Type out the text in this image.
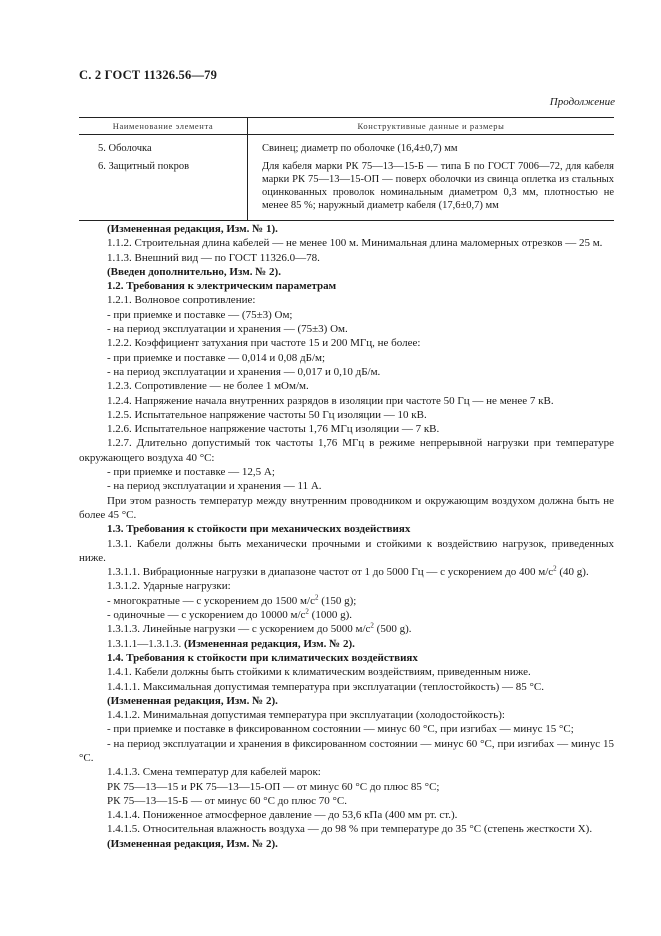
С. 2 ГОСТ 11326.56—79
Продолжение
Наименование элемента	Конструктивные данные и размеры
5. Оболочка	Свинец; диаметр по оболочке (16,4±0,7) мм
6. Защитный покров	Для кабеля марки РК 75—13—15-Б — типа Б по ГОСТ 7006—72, для кабеля марки РК 75—13—15-ОП — поверх оболочки из свинца оплетка из стальных оцинкованных проволок номинальным диаметром 0,3 мм, плотностью не менее 85 %; наружный диаметр кабеля (17,6±0,7) мм

(Измененная редакция, Изм. № 1).

1.1.2. Строительная длина кабелей — не менее 100 м. Минимальная длина маломерных отрезков — 25 м.

1.1.3. Внешний вид — по ГОСТ 11326.0—78.

(Введен дополнительно, Изм. № 2).

1.2. Требования к электрическим параметрам

1.2.1. Волновое сопротивление:

- при приемке и поставке — (75±3) Ом;

- на период эксплуатации и хранения — (75±3) Ом.

1.2.2. Коэффициент затухания при частоте 15 и 200 МГц, не более:

- при приемке и поставке — 0,014 и 0,08 дБ/м;

- на период эксплуатации и хранения — 0,017 и 0,10 дБ/м.

1.2.3. Сопротивление — не более 1 мОм/м.

1.2.4. Напряжение начала внутренних разрядов в изоляции при частоте 50 Гц — не менее 7 кВ.

1.2.5. Испытательное напряжение частоты 50 Гц изоляции — 10 кВ.

1.2.6. Испытательное напряжение частоты 1,76 МГц изоляции — 7 кВ.

1.2.7. Длительно допустимый ток частоты 1,76 МГц в режиме непрерывной нагрузки при температуре окружающего воздуха 40 °С:

- при приемке и поставке — 12,5 А;

- на период эксплуатации и хранения — 11 А.

При этом разность температур между внутренним проводником и окружающим воздухом должна быть не более 45 °С.

1.3. Требования к стойкости при механических воздействиях

1.3.1. Кабели должны быть механически прочными и стойкими к воздействию нагрузок, приведенных ниже.

1.3.1.1. Вибрационные нагрузки в диапазоне частот от 1 до 5000 Гц — с ускорением до 400 $м/с^2$ (40 g).

1.3.1.2. Ударные нагрузки:

- многократные — с ускорением до 1500 $м/с^2$ (150 g);

- одиночные — с ускорением до 10000 $м/с^2$ (1000 g).

1.3.1.3. Линейные нагрузки — с ускорением до 5000 $м/с^2$ (500 g).

1.3.1.1—1.3.1.3. (Измененная редакция, Изм. № 2).

1.4. Требования к стойкости при климатических воздействиях

1.4.1. Кабели должны быть стойкими к климатическим воздействиям, приведенным ниже.

1.4.1.1. Максимальная допустимая температура при эксплуатации (теплостойкость) — 85 °С.

(Измененная редакция, Изм. № 2).

1.4.1.2. Минимальная допустимая температура при эксплуатации (холодостойкость):

- при приемке и поставке в фиксированном состоянии — минус 60 °С, при изгибах — минус 15 °С;

- на период эксплуатации и хранения в фиксированном состоянии — минус 60 °С, при изгибах — минус 15 °С.

1.4.1.3. Смена температур для кабелей марок:

РК 75—13—15 и РК 75—13—15-ОП — от минус 60 °С до плюс 85 °С;

РК 75—13—15-Б — от минус 60 °С до плюс 70 °С.

1.4.1.4. Пониженное атмосферное давление — до 53,6 кПа (400 мм рт. ст.).

1.4.1.5. Относительная влажность воздуха — до 98 % при температуре до 35 °С (степень жесткости X).

(Измененная редакция, Изм. № 2).
